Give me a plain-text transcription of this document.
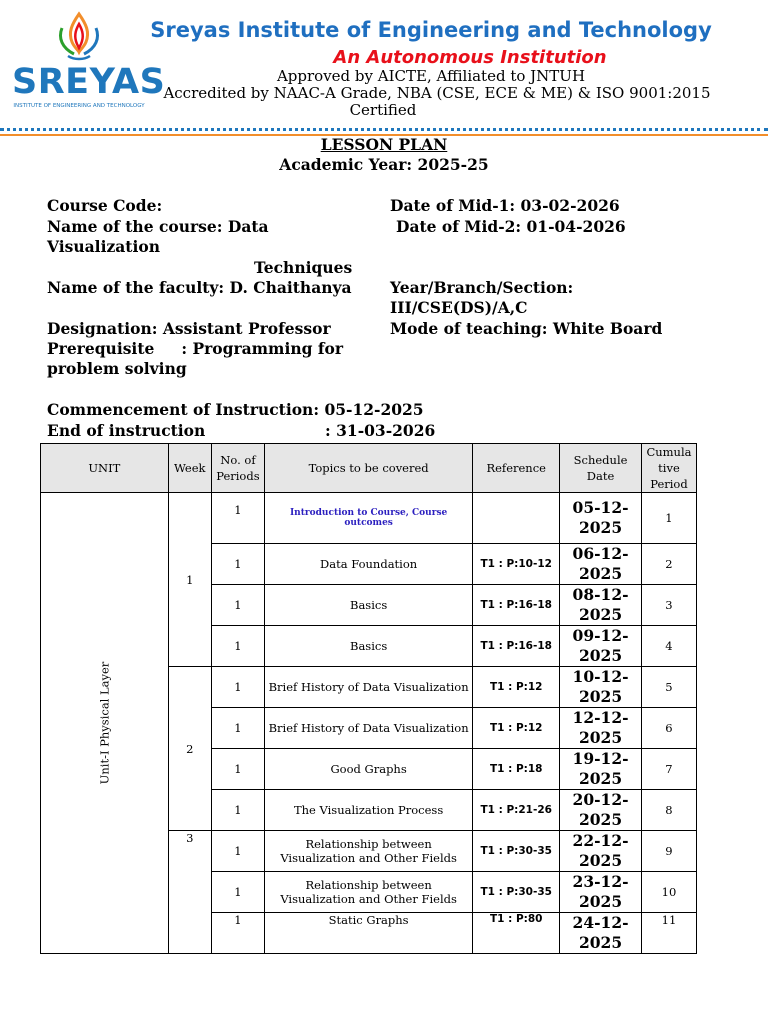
SREYAS
INSTITUTE OF ENGINEERING AND TECHNOLOGY
Sreyas Institute of Engineering and Technology
An Autonomous Institution
Approved by AICTE, Affiliated to JNTUH
Accredited by NAAC-A Grade, NBA (CSE, ECE & ME) & ISO 9001:2015
Certified
LESSON PLAN
Academic Year: 2025-25
Course Code:
Name of the course: Data
Visualization
Techniques
Name of the faculty: D. Chaithanya
Designation: Assistant Professor
Prerequisite     : Programming for
problem solving
Date of Mid-1: 03-02-2026
Date of Mid-2: 01-04-2026
Year/Branch/Section:
III/CSE(DS)/A,C
Mode of teaching: White Board
Commencement of Instruction: 05-12-2025
End of instruction	: 31-03-2026
UNIT	Week	No. of
Periods	Topics to be covered	Reference	Schedule Date	Cumula
tive
Period
Unit-I Physical Layer	1	1	Introduction to Course, Course outcomes		05-12-
2025	1
		1	Data Foundation	T1 : P:10-12	06-12-
2025	2
		1	Basics	T1 : P:16-18	08-12-
2025	3
		1	Basics	T1 : P:16-18	09-12-
2025	4
	2	1	Brief History of Data Visualization	T1 : P:12	10-12-
2025	5
		1	Brief History of Data Visualization	T1 : P:12	12-12-
2025	6
		1	Good Graphs	T1 : P:18	19-12-
2025	7
		1	The Visualization Process	T1 : P:21-26	20-12-
2025	8
	3	1	Relationship between Visualization and Other Fields	T1 : P:30-35	22-12-
2025	9
		1	Relationship between Visualization and Other Fields	T1 : P:30-35	23-12-
2025	10
		1	Static Graphs	T1 : P:80	24-12-
2025	11
